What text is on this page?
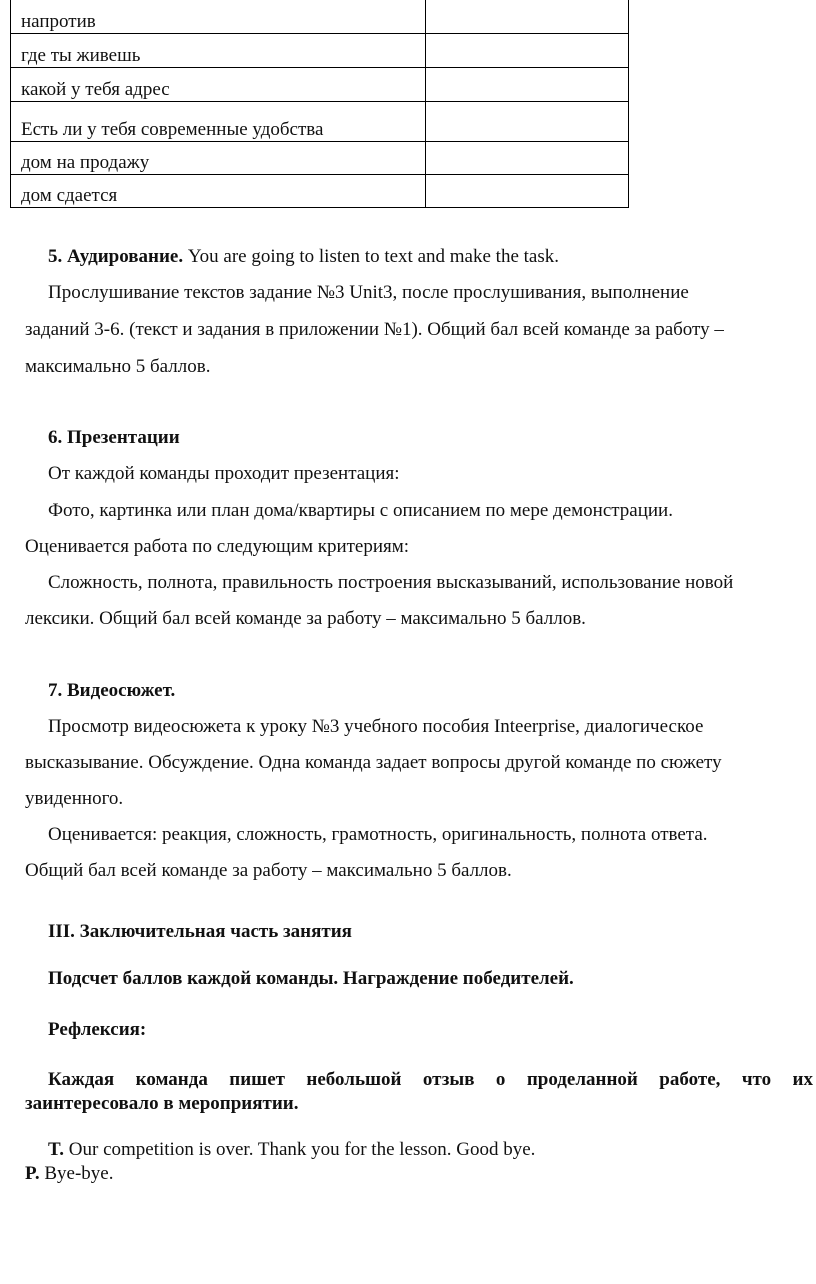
напротив	
где ты живешь	
какой у тебя адрес	
Есть ли у тебя современные удобства	
дом на продажу	
дом сдается	
5. Аудирование. You are going to listen to text and make the task.
Прослушивание текстов задание №3 Unit3, после прослушивания, выполнение
заданий 3-6. (текст и задания в приложении №1). Общий бал всей команде за работу –
максимально 5 баллов.
6. Презентации
От каждой команды проходит презентация:
Фото, картинка или план дома/квартиры с описанием по мере демонстрации.
Оценивается работа по следующим критериям:
Сложность, полнота, правильность построения высказываний, использование новой
лексики. Общий бал всей команде за работу – максимально 5 баллов.
7. Видеосюжет.
Просмотр видеосюжета к уроку №3 учебного пособия Inteerprise, диалогическое
высказывание. Обсуждение. Одна команда задает вопросы другой команде по сюжету
увиденного.
Оценивается: реакция, сложность, грамотность, оригинальность, полнота ответа.
Общий бал всей команде за работу – максимально 5 баллов.
III. Заключительная часть занятия
Подсчет баллов каждой команды. Награждение победителей.
Рефлексия:
Каждая команда пишет небольшой отзыв о проделанной работе, что их
заинтересовало в мероприятии.
T. Our competition is over. Thank you for the lesson. Good bye.
P. Bye-bye.
